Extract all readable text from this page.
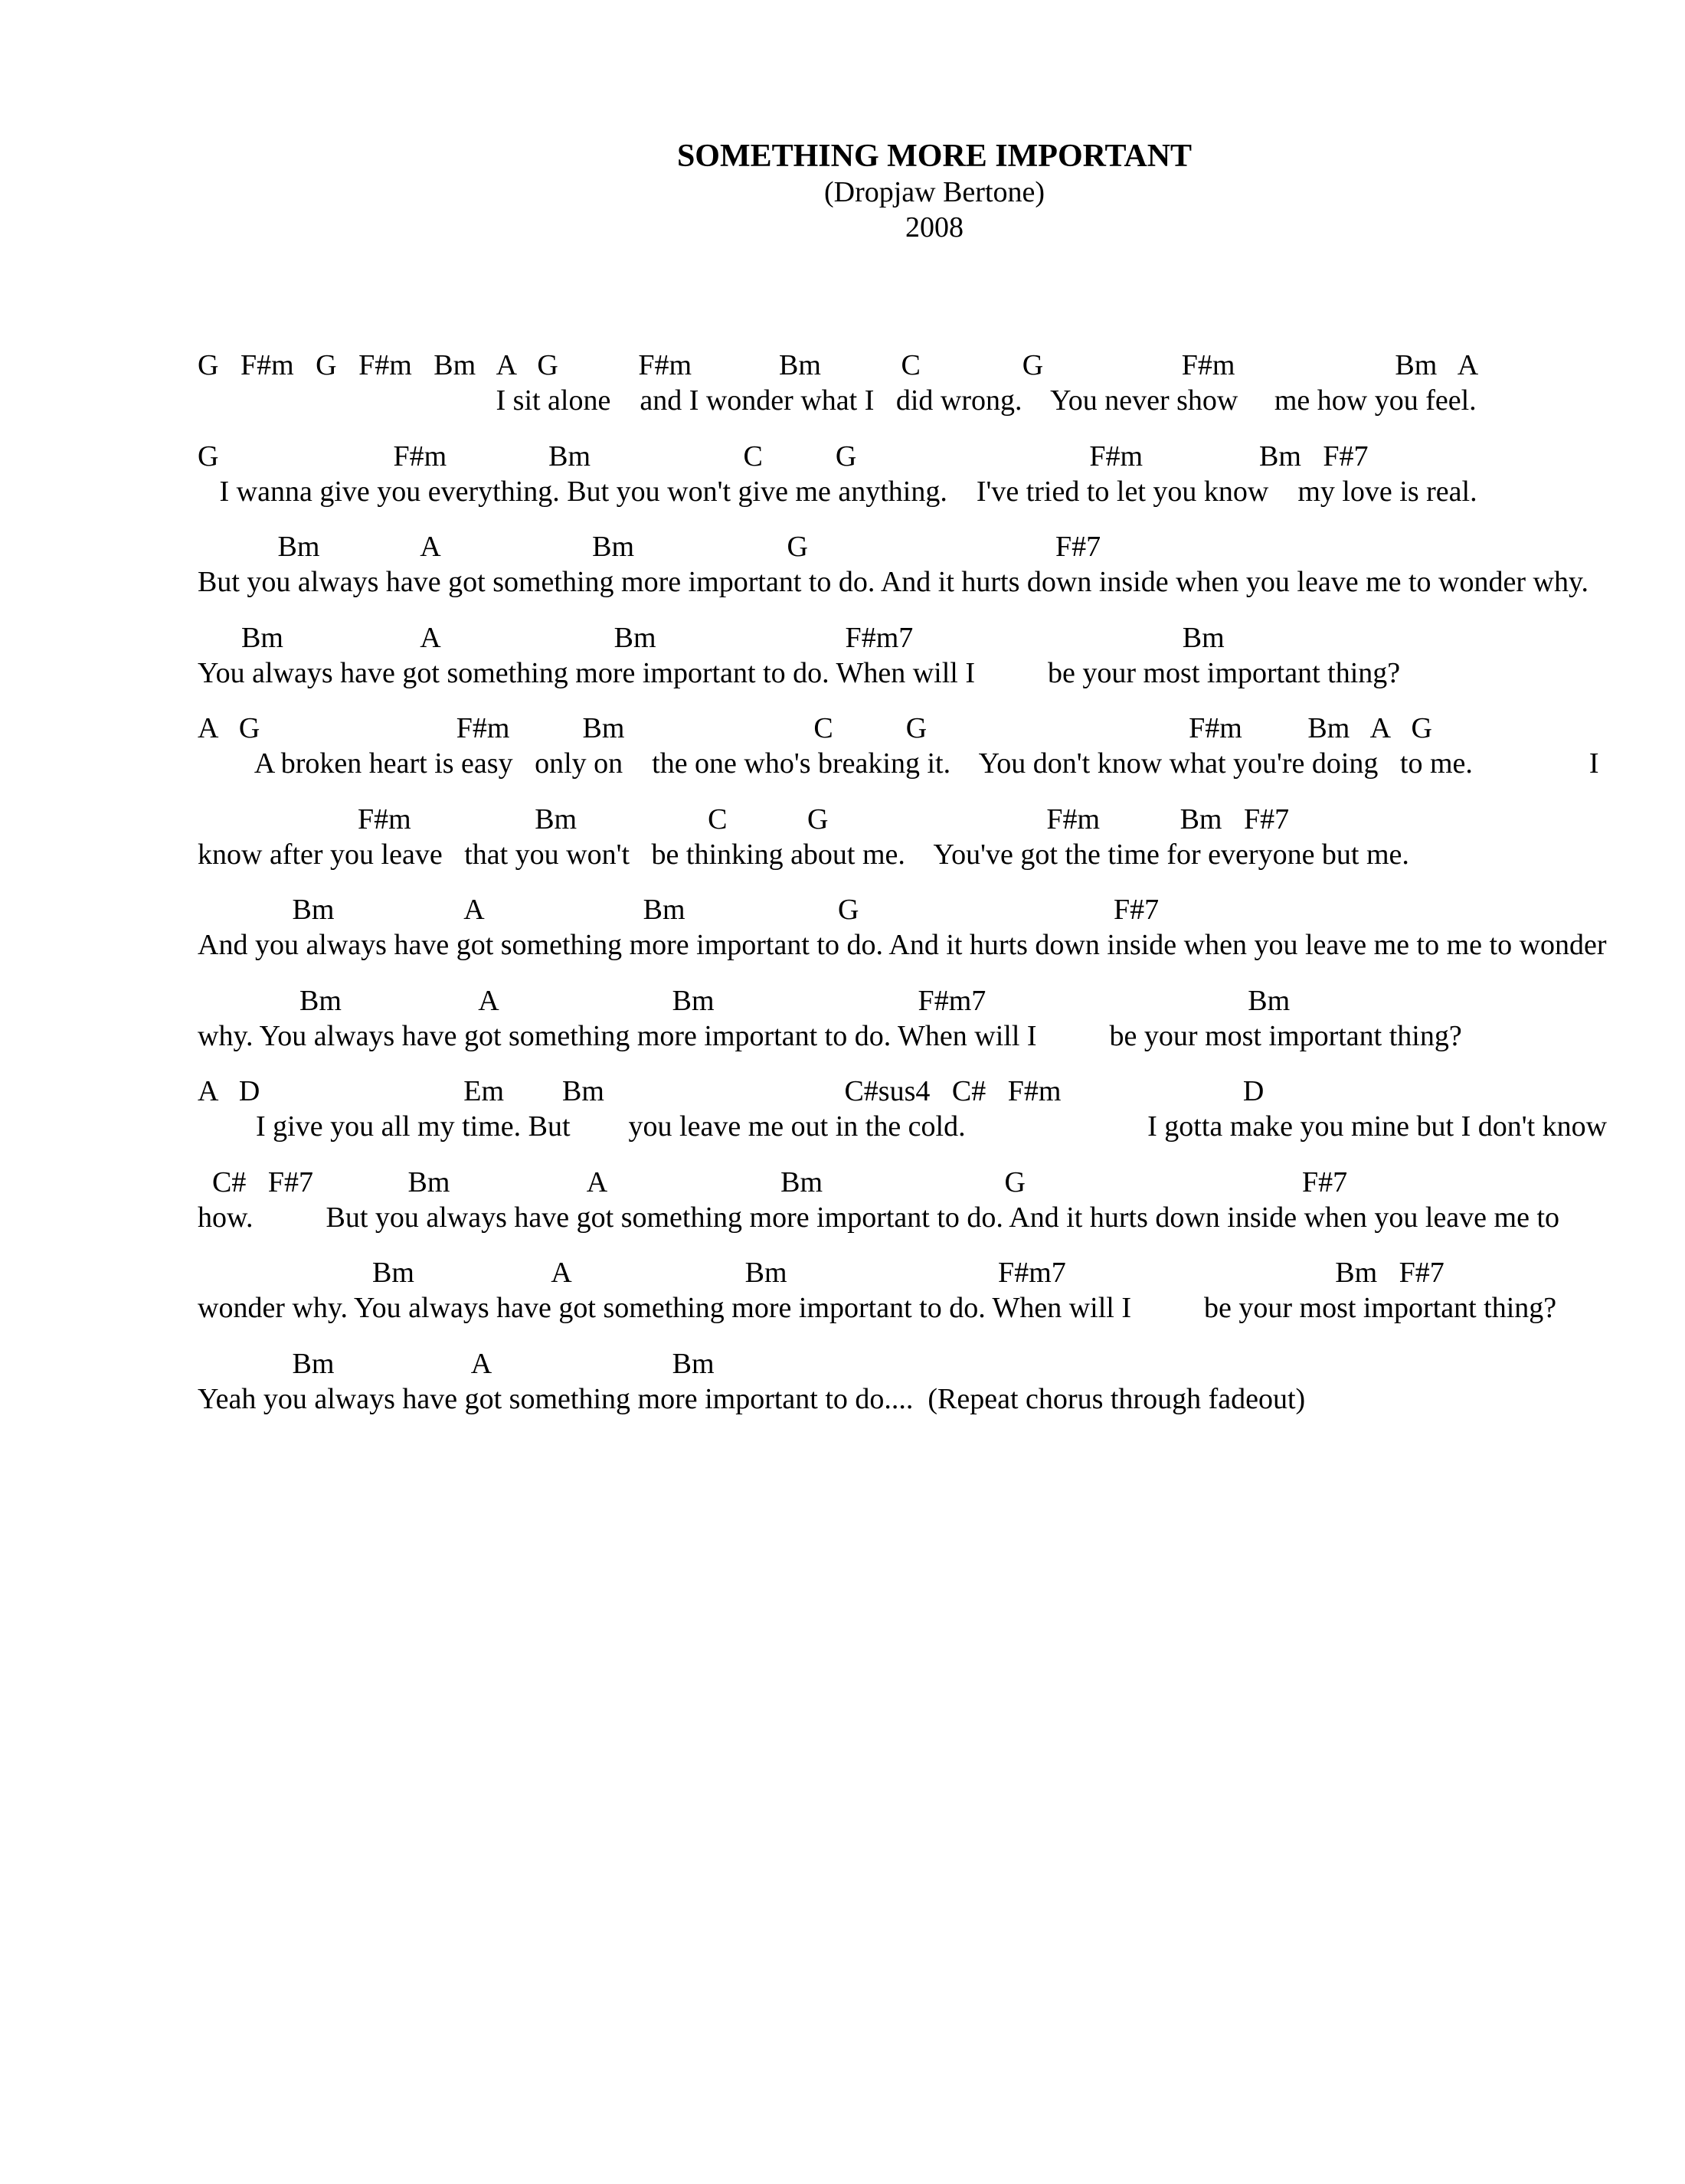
SOMETHING MORE IMPORTANT
(Dropjaw Bertone)
2008
G   F#m   G   F#m   Bm   A   G           F#m            Bm           C              G                   F#m                      Bm   A
I sit alone    and I wonder what I   did wrong.    You never show     me how you feel.
G                        F#m              Bm                     C          G                                F#m                Bm   F#7
I wanna give you everything. But you won't give me anything.    I've tried to let you know    my love is real.
Bm              A                     Bm                     G                                  F#7
But you always have got something more important to do. And it hurts down inside when you leave me to wonder why.
Bm                   A                        Bm                          F#m7                                     Bm
You always have got something more important to do. When will I          be your most important thing?
A   G                           F#m          Bm                          C          G                                    F#m         Bm   A   G
A broken heart is easy   only on    the one who's breaking it.    You don't know what you're doing   to me.                I
F#m                 Bm                  C           G                              F#m           Bm   F#7
know after you leave   that you won't   be thinking about me.    You've got the time for everyone but me.
Bm                  A                      Bm                     G                                   F#7
And you always have got something more important to do. And it hurts down inside when you leave me to me to wonder
Bm                   A                        Bm                            F#m7                                    Bm
why. You always have got something more important to do. When will I          be your most important thing?
A   D                            Em        Bm                                 C#sus4   C#   F#m                         D
I give you all my time. But        you leave me out in the cold.                         I gotta make you mine but I don't know
C#   F#7             Bm                   A                        Bm                         G                                      F#7
how.          But you always have got something more important to do. And it hurts down inside when you leave me to
Bm                   A                        Bm                             F#m7                                     Bm   F#7
wonder why. You always have got something more important to do. When will I          be your most important thing?
Bm                   A                         Bm
Yeah you always have got something more important to do....  (Repeat chorus through fadeout)
